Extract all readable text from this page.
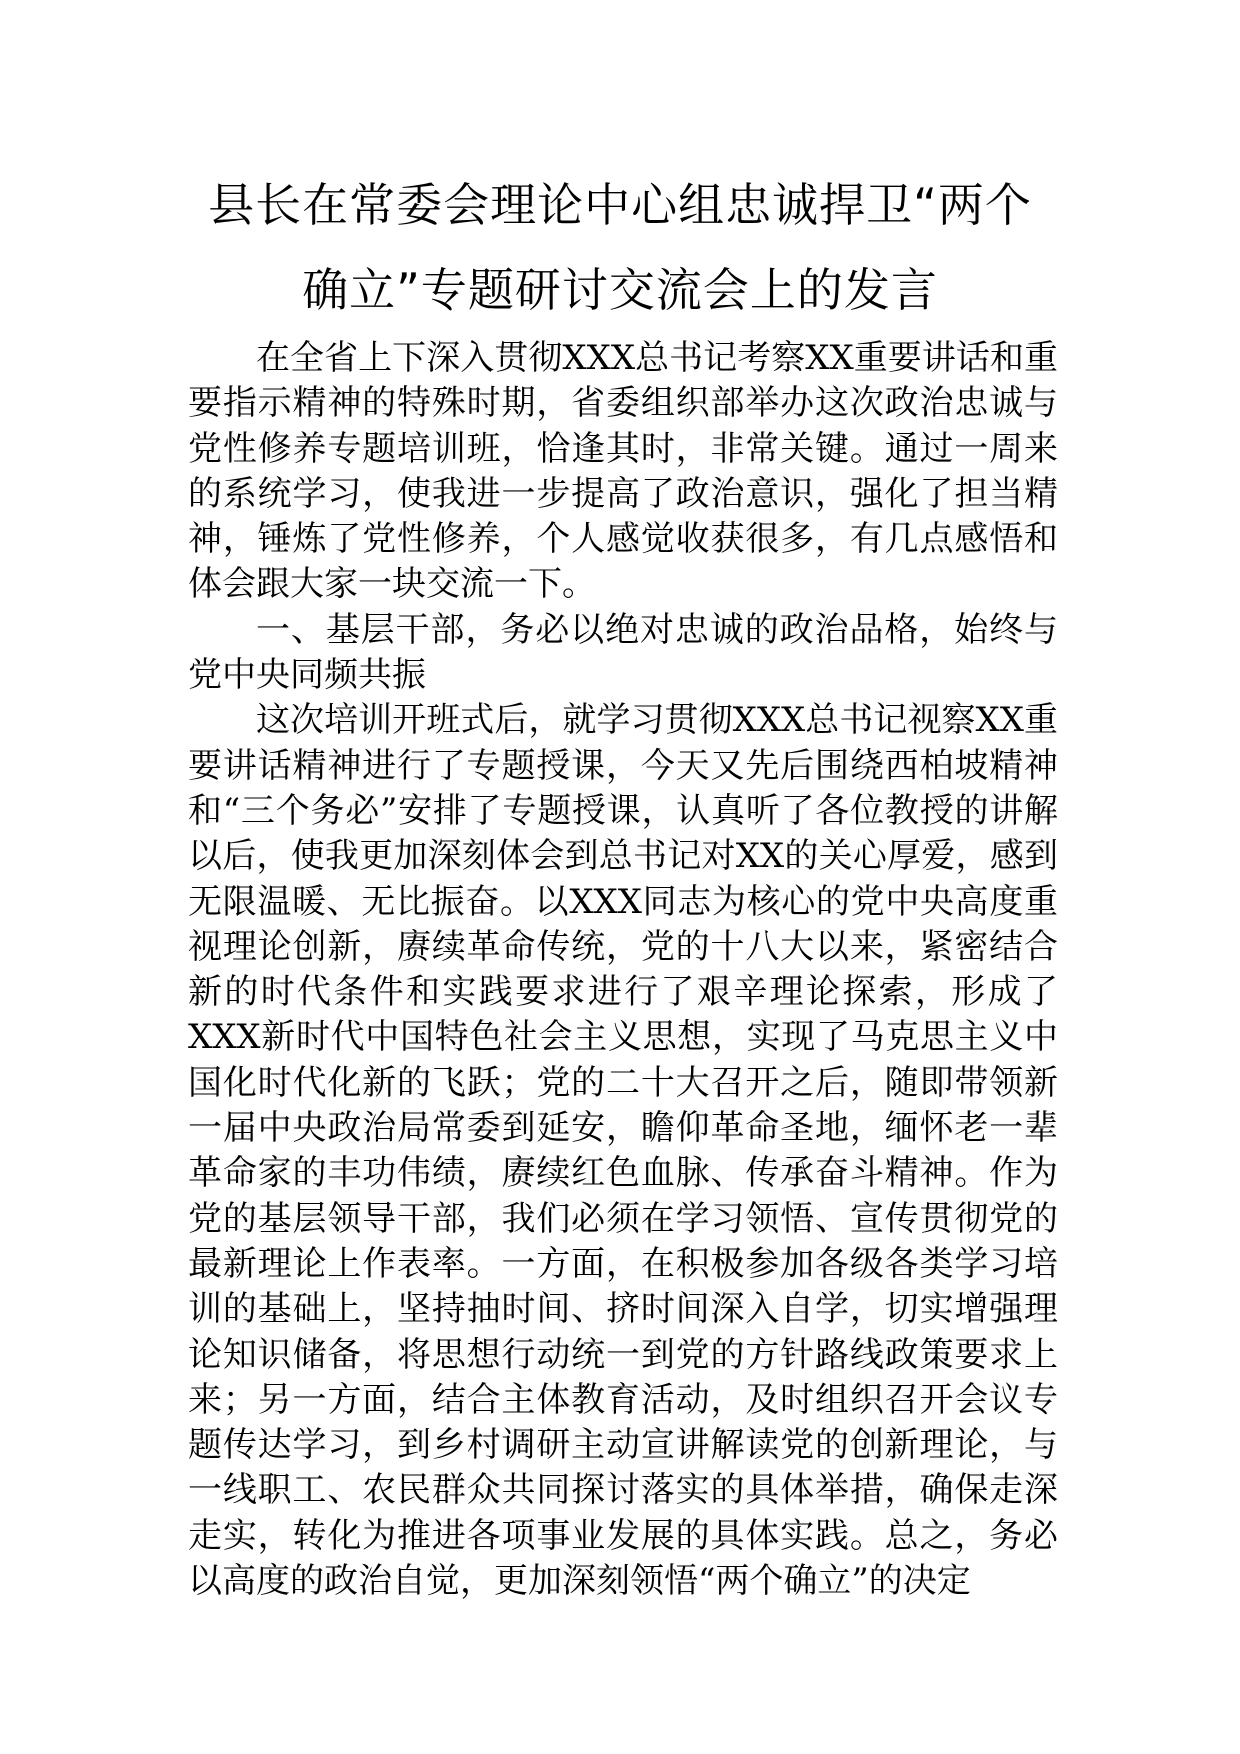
县长在常委会理论中心组忠诚捍卫“两个
确立”专题研讨交流会上的发言

在全省上下深入贯彻XXX总书记考察XX重要讲话和重要指示精神的特殊时期，省委组织部举办这次政治忠诚与党性修养专题培训班，恰逢其时，非常关键。通过一周来的系统学习，使我进一步提高了政治意识，强化了担当精神，锤炼了党性修养，个人感觉收获很多，有几点感悟和体会跟大家一块交流一下。

一、基层干部，务必以绝对忠诚的政治品格，始终与党中央同频共振

这次培训开班式后，就学习贯彻XXX总书记视察XX重要讲话精神进行了专题授课，今天又先后围绕西柏坡精神和“三个务必”安排了专题授课，认真听了各位教授的讲解以后，使我更加深刻体会到总书记对XX的关心厚爱，感到无限温暖、无比振奋。以XXX同志为核心的党中央高度重视理论创新，赓续革命传统，党的十八大以来，紧密结合新的时代条件和实践要求进行了艰辛理论探索，形成了XXX新时代中国特色社会主义思想，实现了马克思主义中国化时代化新的飞跃；党的二十大召开之后，随即带领新一届中央政治局常委到延安，瞻仰革命圣地，缅怀老一辈革命家的丰功伟绩，赓续红色血脉、传承奋斗精神。作为党的基层领导干部，我们必须在学习领悟、宣传贯彻党的最新理论上作表率。一方面，在积极参加各级各类学习培训的基础上，坚持抽时间、挤时间深入自学，切实增强理论知识储备，将思想行动统一到党的方针路线政策要求上来；另一方面，结合主体教育活动，及时组织召开会议专题传达学习，到乡村调研主动宣讲解读党的创新理论，与一线职工、农民群众共同探讨落实的具体举措，确保走深走实，转化为推进各项事业发展的具体实践。总之，务必以高度的政治自觉，更加深刻领悟“两个确立”的决定
